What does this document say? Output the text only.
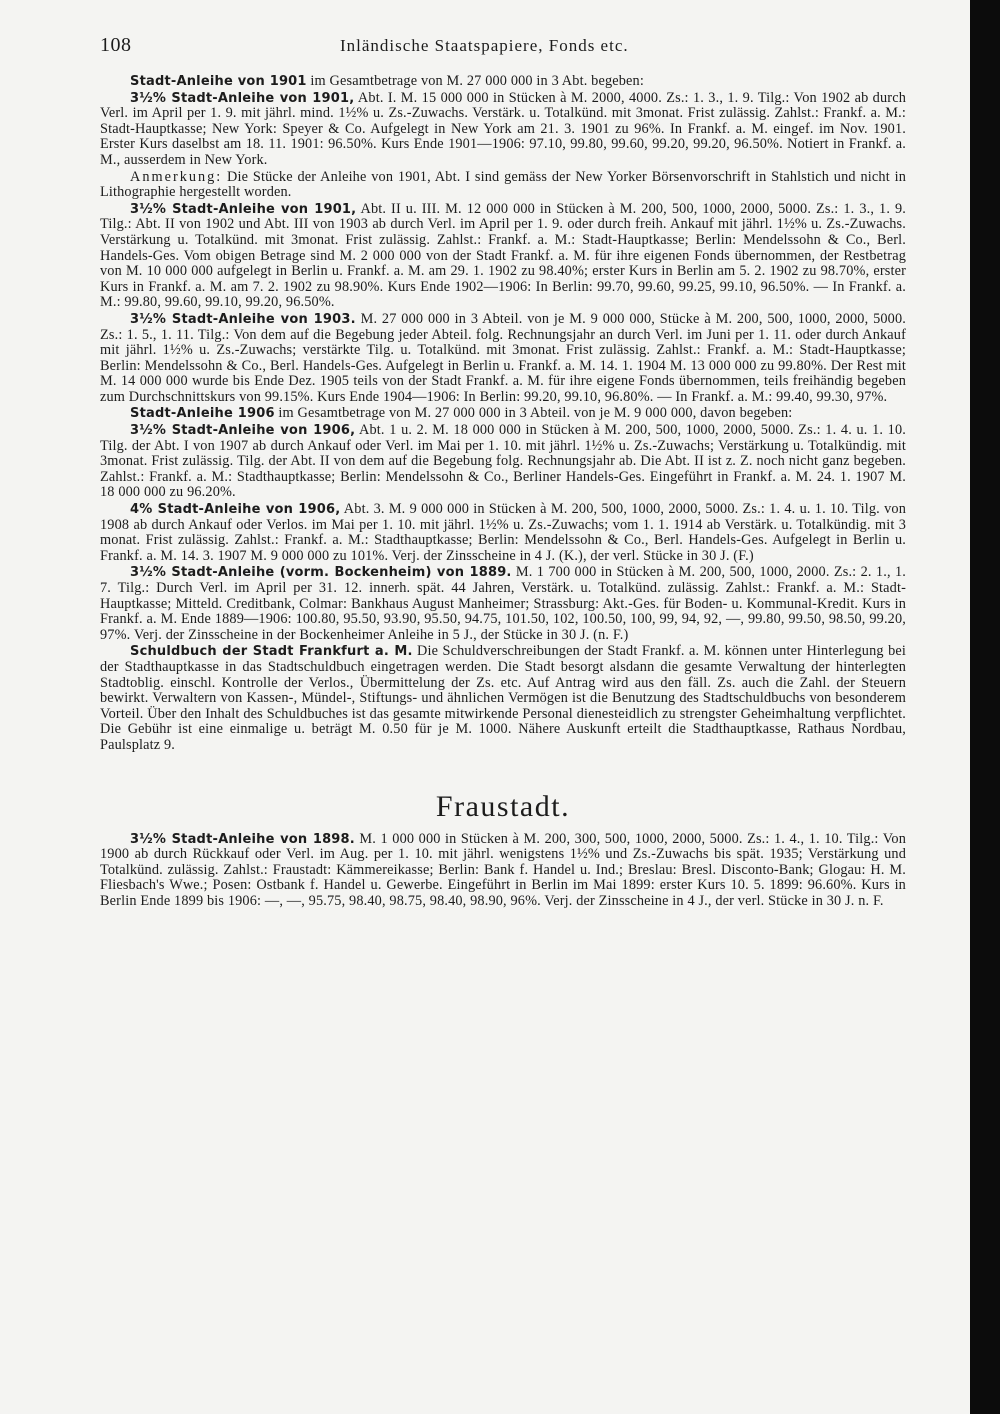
108	Inländische Staatspapiere, Fonds etc.

Stadt-Anleihe von 1901 im Gesamtbetrage von M. 27 000 000 in 3 Abt. begeben:

3½% Stadt-Anleihe von 1901, Abt. I. M. 15 000 000 in Stücken à M. 2000, 4000. Zs.: 1. 3., 1. 9. Tilg.: Von 1902 ab durch Verl. im April per 1. 9. mit jährl. mind. 1½% u. Zs.-Zuwachs. Verstärk. u. Totalkünd. mit 3monat. Frist zulässig. Zahlst.: Frankf. a. M.: Stadt-Hauptkasse; New York: Speyer & Co. Aufgelegt in New York am 21. 3. 1901 zu 96%. In Frankf. a. M. eingef. im Nov. 1901. Erster Kurs daselbst am 18. 11. 1901: 96.50%. Kurs Ende 1901—1906: 97.10, 99.80, 99.60, 99.20, 99.20, 96.50%. Notiert in Frankf. a. M., ausserdem in New York.

Anmerkung: Die Stücke der Anleihe von 1901, Abt. I sind gemäss der New Yorker Börsenvorschrift in Stahlstich und nicht in Lithographie hergestellt worden.

3½% Stadt-Anleihe von 1901, Abt. II u. III. M. 12 000 000 in Stücken à M. 200, 500, 1000, 2000, 5000. Zs.: 1. 3., 1. 9. Tilg.: Abt. II von 1902 und Abt. III von 1903 ab durch Verl. im April per 1. 9. oder durch freih. Ankauf mit jährl. 1½% u. Zs.-Zuwachs. Verstärkung u. Totalkünd. mit 3monat. Frist zulässig. Zahlst.: Frankf. a. M.: Stadt-Hauptkasse; Berlin: Mendelssohn & Co., Berl. Handels-Ges. Vom obigen Betrage sind M. 2 000 000 von der Stadt Frankf. a. M. für ihre eigenen Fonds übernommen, der Restbetrag von M. 10 000 000 aufgelegt in Berlin u. Frankf. a. M. am 29. 1. 1902 zu 98.40%; erster Kurs in Berlin am 5. 2. 1902 zu 98.70%, erster Kurs in Frankf. a. M. am 7. 2. 1902 zu 98.90%. Kurs Ende 1902—1906: In Berlin: 99.70, 99.60, 99.25, 99.10, 96.50%. — In Frankf. a. M.: 99.80, 99.60, 99.10, 99.20, 96.50%.

3½% Stadt-Anleihe von 1903. M. 27 000 000 in 3 Abteil. von je M. 9 000 000, Stücke à M. 200, 500, 1000, 2000, 5000. Zs.: 1. 5., 1. 11. Tilg.: Von dem auf die Begebung jeder Abteil. folg. Rechnungsjahr an durch Verl. im Juni per 1. 11. oder durch Ankauf mit jährl. 1½% u. Zs.-Zuwachs; verstärkte Tilg. u. Totalkünd. mit 3monat. Frist zulässig. Zahlst.: Frankf. a. M.: Stadt-Hauptkasse; Berlin: Mendelssohn & Co., Berl. Handels-Ges. Aufgelegt in Berlin u. Frankf. a. M. 14. 1. 1904 M. 13 000 000 zu 99.80%. Der Rest mit M. 14 000 000 wurde bis Ende Dez. 1905 teils von der Stadt Frankf. a. M. für ihre eigene Fonds übernommen, teils freihändig begeben zum Durchschnittskurs von 99.15%. Kurs Ende 1904—1906: In Berlin: 99.20, 99.10, 96.80%. — In Frankf. a. M.: 99.40, 99.30, 97%.

Stadt-Anleihe 1906 im Gesamtbetrage von M. 27 000 000 in 3 Abteil. von je M. 9 000 000, davon begeben:

3½% Stadt-Anleihe von 1906, Abt. 1 u. 2. M. 18 000 000 in Stücken à M. 200, 500, 1000, 2000, 5000. Zs.: 1. 4. u. 1. 10. Tilg. der Abt. I von 1907 ab durch Ankauf oder Verl. im Mai per 1. 10. mit jährl. 1½% u. Zs.-Zuwachs; Verstärkung u. Totalkündig. mit 3monat. Frist zulässig. Tilg. der Abt. II von dem auf die Begebung folg. Rechnungsjahr ab. Die Abt. II ist z. Z. noch nicht ganz begeben. Zahlst.: Frankf. a. M.: Stadthauptkasse; Berlin: Mendelssohn & Co., Berliner Handels-Ges. Eingeführt in Frankf. a. M. 24. 1. 1907 M. 18 000 000 zu 96.20%.

4% Stadt-Anleihe von 1906, Abt. 3. M. 9 000 000 in Stücken à M. 200, 500, 1000, 2000, 5000. Zs.: 1. 4. u. 1. 10. Tilg. von 1908 ab durch Ankauf oder Verlos. im Mai per 1. 10. mit jährl. 1½% u. Zs.-Zuwachs; vom 1. 1. 1914 ab Verstärk. u. Totalkündig. mit 3 monat. Frist zulässig. Zahlst.: Frankf. a. M.: Stadthauptkasse; Berlin: Mendelssohn & Co., Berl. Handels-Ges. Aufgelegt in Berlin u. Frankf. a. M. 14. 3. 1907 M. 9 000 000 zu 101%. Verj. der Zinsscheine in 4 J. (K.), der verl. Stücke in 30 J. (F.)

3½% Stadt-Anleihe (vorm. Bockenheim) von 1889. M. 1 700 000 in Stücken à M. 200, 500, 1000, 2000. Zs.: 2. 1., 1. 7. Tilg.: Durch Verl. im April per 31. 12. innerh. spät. 44 Jahren, Verstärk. u. Totalkünd. zulässig. Zahlst.: Frankf. a. M.: Stadt-Hauptkasse; Mitteld. Creditbank, Colmar: Bankhaus August Manheimer; Strassburg: Akt.-Ges. für Boden- u. Kommunal-Kredit. Kurs in Frankf. a. M. Ende 1889—1906: 100.80, 95.50, 93.90, 95.50, 94.75, 101.50, 102, 100.50, 100, 99, 94, 92, —, 99.80, 99.50, 98.50, 99.20, 97%. Verj. der Zinsscheine in der Bockenheimer Anleihe in 5 J., der Stücke in 30 J. (n. F.)

Schuldbuch der Stadt Frankfurt a. M. Die Schuldverschreibungen der Stadt Frankf. a. M. können unter Hinterlegung bei der Stadthauptkasse in das Stadtschuldbuch eingetragen werden. Die Stadt besorgt alsdann die gesamte Verwaltung der hinterlegten Stadtoblig. einschl. Kontrolle der Verlos., Übermittelung der Zs. etc. Auf Antrag wird aus den fäll. Zs. auch die Zahl. der Steuern bewirkt. Verwaltern von Kassen-, Mündel-, Stiftungs- und ähnlichen Vermögen ist die Benutzung des Stadtschuldbuchs von besonderem Vorteil. Über den Inhalt des Schuldbuches ist das gesamte mitwirkende Personal dienesteidlich zu strengster Geheimhaltung verpflichtet. Die Gebühr ist eine einmalige u. beträgt M. 0.50 für je M. 1000. Nähere Auskunft erteilt die Stadthauptkasse, Rathaus Nordbau, Paulsplatz 9.

Fraustadt.

3½% Stadt-Anleihe von 1898. M. 1 000 000 in Stücken à M. 200, 300, 500, 1000, 2000, 5000. Zs.: 1. 4., 1. 10. Tilg.: Von 1900 ab durch Rückkauf oder Verl. im Aug. per 1. 10. mit jährl. wenigstens 1½% und Zs.-Zuwachs bis spät. 1935; Verstärkung und Totalkünd. zulässig. Zahlst.: Fraustadt: Kämmereikasse; Berlin: Bank f. Handel u. Ind.; Breslau: Bresl. Disconto-Bank; Glogau: H. M. Fliesbach's Wwe.; Posen: Ostbank f. Handel u. Gewerbe. Eingeführt in Berlin im Mai 1899: erster Kurs 10. 5. 1899: 96.60%. Kurs in Berlin Ende 1899 bis 1906: —, —, 95.75, 98.40, 98.75, 98.40, 98.90, 96%. Verj. der Zinsscheine in 4 J., der verl. Stücke in 30 J. n. F.
